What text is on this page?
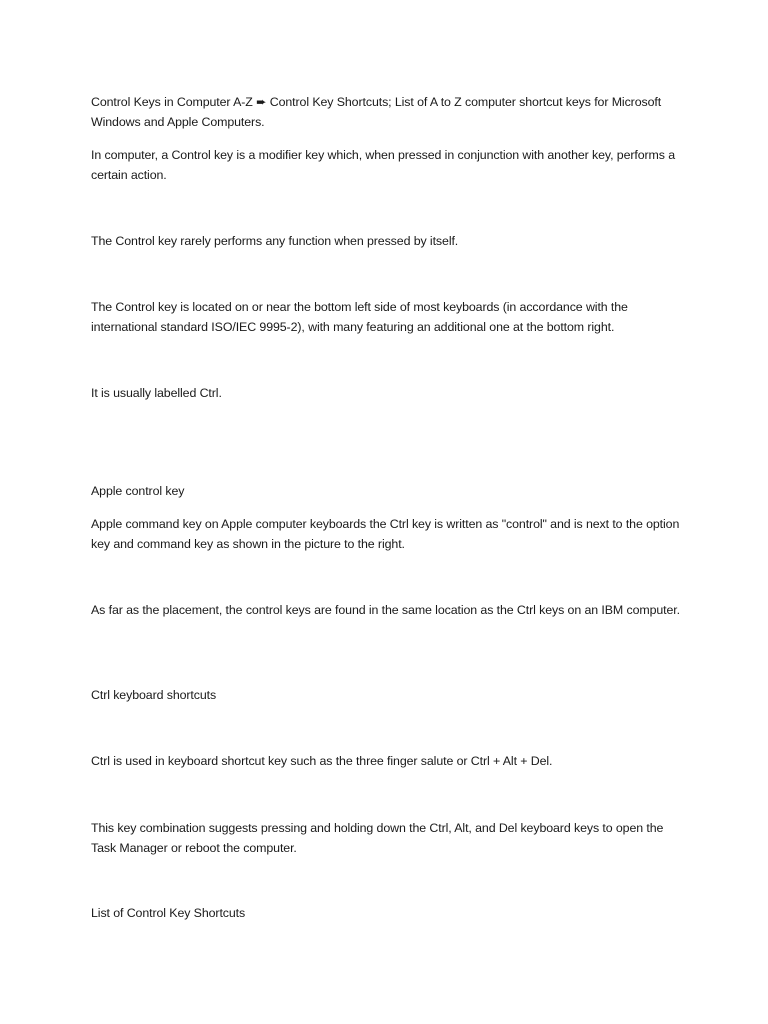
Control Keys in Computer A-Z ➨ Control Key Shortcuts; List of A to Z computer shortcut keys for Microsoft Windows and Apple Computers.

In computer, a Control key is a modifier key which, when pressed in conjunction with another key, performs a certain action.

The Control key rarely performs any function when pressed by itself.

The Control key is located on or near the bottom left side of most keyboards (in accordance with the international standard ISO/IEC 9995-2), with many featuring an additional one at the bottom right.

It is usually labelled Ctrl.

Apple control key

Apple command key on Apple computer keyboards the Ctrl key is written as "control" and is next to the option key and command key as shown in the picture to the right.

As far as the placement, the control keys are found in the same location as the Ctrl keys on an IBM computer.

Ctrl keyboard shortcuts

Ctrl is used in keyboard shortcut key such as the three finger salute or Ctrl + Alt + Del.

This key combination suggests pressing and holding down the Ctrl, Alt, and Del keyboard keys to open the Task Manager or reboot the computer.

List of Control Key Shortcuts
